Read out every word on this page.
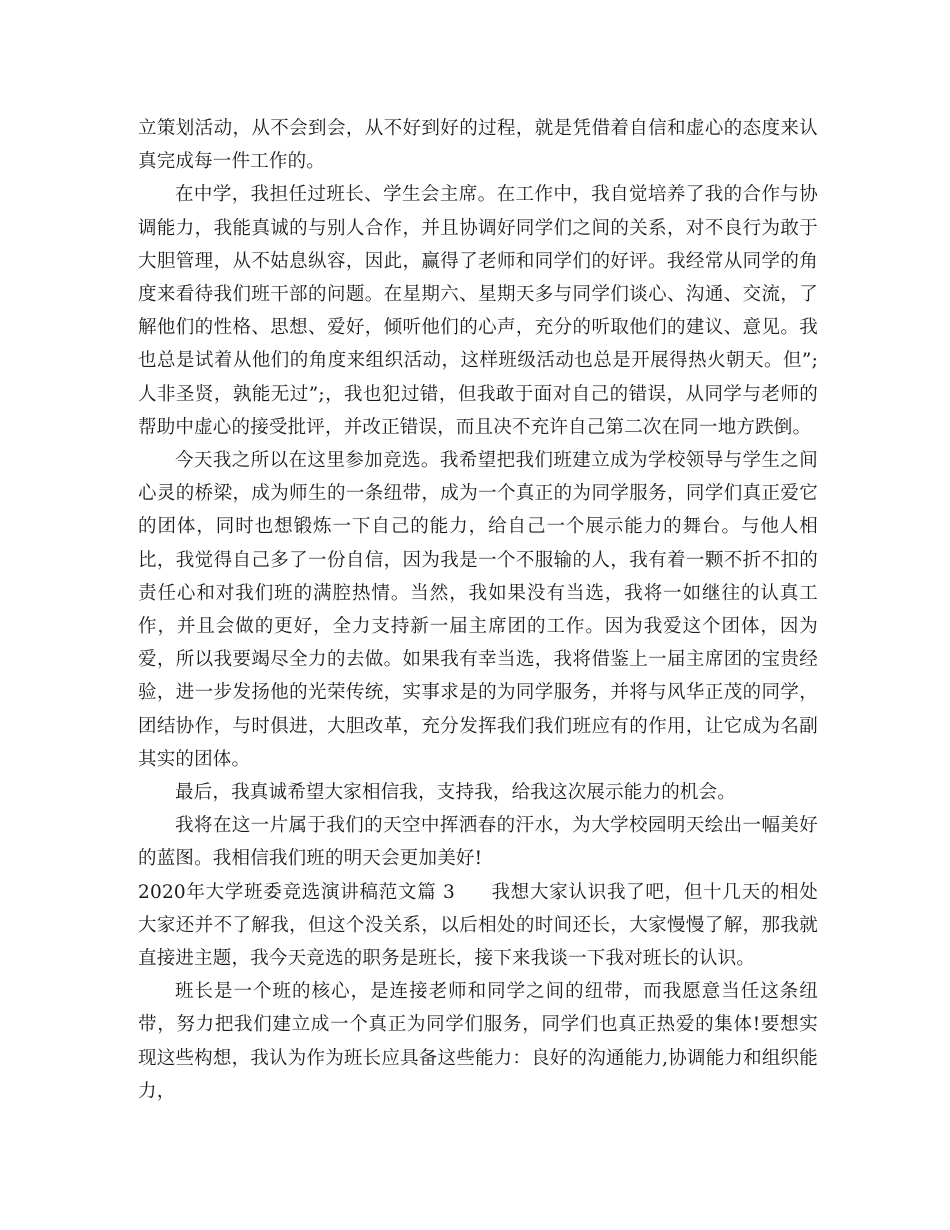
立策划活动，从不会到会，从不好到好的过程，就是凭借着自信和虚心的态度来认真完成每一件工作的。

在中学，我担任过班长、学生会主席。在工作中，我自觉培养了我的合作与协调能力，我能真诚的与别人合作，并且协调好同学们之间的关系，对不良行为敢于大胆管理，从不姑息纵容，因此，赢得了老师和同学们的好评。我经常从同学的角度来看待我们班干部的问题。在星期六、星期天多与同学们谈心、沟通、交流，了解他们的性格、思想、爱好，倾听他们的心声，充分的听取他们的建议、意见。我也总是试着从他们的角度来组织活动，这样班级活动也总是开展得热火朝天。但”;人非圣贤，孰能无过”;，我也犯过错，但我敢于面对自己的错误，从同学与老师的帮助中虚心的接受批评，并改正错误，而且决不充许自己第二次在同一地方跌倒。

今天我之所以在这里参加竞选。我希望把我们班建立成为学校领导与学生之间心灵的桥梁，成为师生的一条纽带，成为一个真正的为同学服务，同学们真正爱它的团体，同时也想锻炼一下自己的能力，给自己一个展示能力的舞台。与他人相比，我觉得自己多了一份自信，因为我是一个不服输的人，我有着一颗不折不扣的责任心和对我们班的满腔热情。当然，我如果没有当选，我将一如继往的认真工作，并且会做的更好，全力支持新一届主席团的工作。因为我爱这个团体，因为爱，所以我要竭尽全力的去做。如果我有幸当选，我将借鉴上一届主席团的宝贵经验，进一步发扬他的光荣传统，实事求是的为同学服务，并将与风华正茂的同学，团结协作，与时俱进，大胆改革，充分发挥我们我们班应有的作用，让它成为名副其实的团体。

最后，我真诚希望大家相信我，支持我，给我这次展示能力的机会。

我将在这一片属于我们的天空中挥洒春的汗水，为大学校园明天绘出一幅美好的蓝图。我相信我们班的明天会更加美好!

2020年大学班委竞选演讲稿范文篇 3 我想大家认识我了吧，但十几天的相处大家还并不了解我，但这个没关系，以后相处的时间还长，大家慢慢了解，那我就直接进主题，我今天竞选的职务是班长，接下来我谈一下我对班长的认识。

班长是一个班的核心，是连接老师和同学之间的纽带，而我愿意当任这条纽带，努力把我们建立成一个真正为同学们服务，同学们也真正热爱的集体!要想实现这些构想，我认为作为班长应具备这些能力：良好的沟通能力,协调能力和组织能力，
